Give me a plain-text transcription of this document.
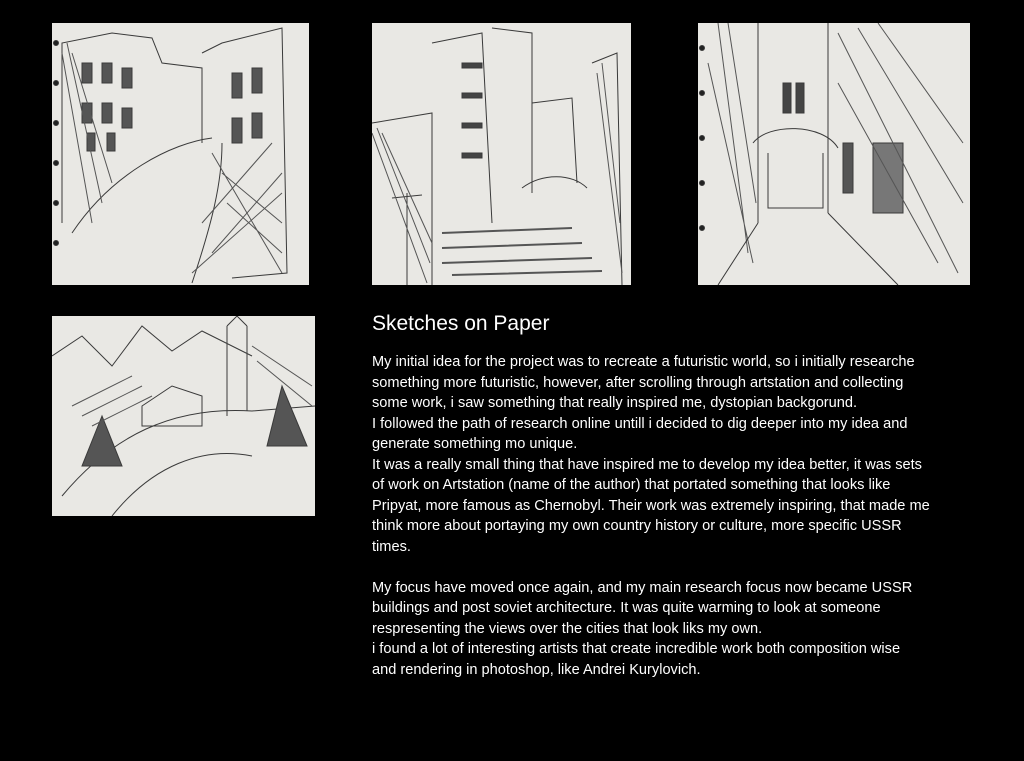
Sketches on Paper
My initial idea for the project was to recreate a futuristic world, so i initially researche
something more futuristic, however, after scrolling through artstation and collecting
some work, i saw something that really inspired me, dystopian backgorund.
I followed the path of research online untill i decided to dig deeper into my idea and
generate something mo unique.
It was a really small thing that have inspired me to develop my idea better, it was sets
of work on Artstation (name of the author) that portated something that looks like
Pripyat, more famous as Chernobyl. Their work was extremely inspiring, that made me
think more about portaying my own country history or culture, more specific USSR
times.
My focus have moved once again, and my main research focus now became USSR
buildings and post soviet architecture. It was quite warming to look at someone
respresenting the views over the cities that look liks my own.
i found a lot of interesting artists that create incredible work both composition wise
and rendering in photoshop, like Andrei Kurylovich.
